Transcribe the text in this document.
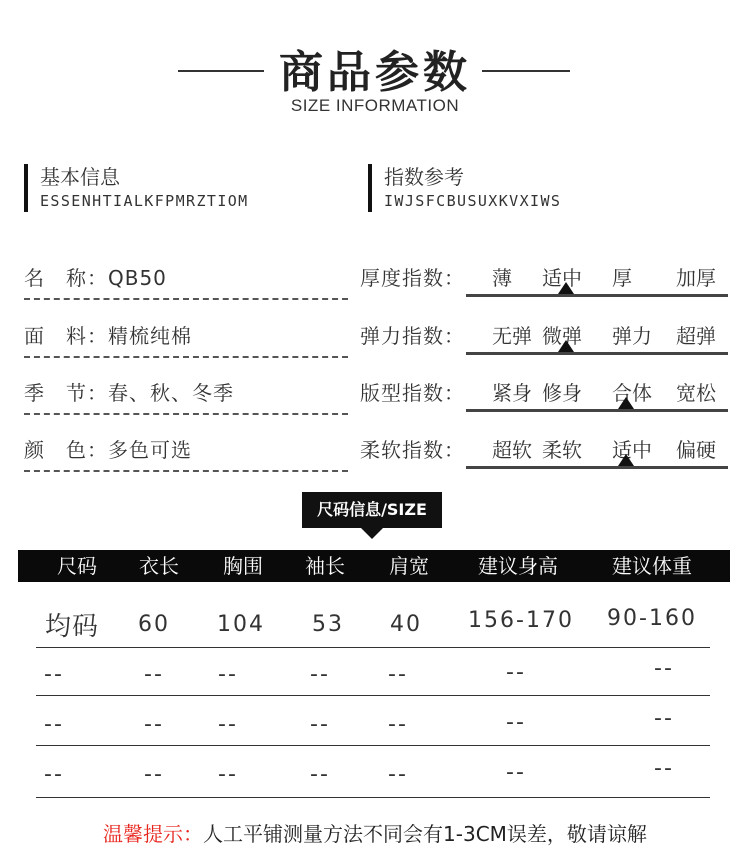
商品参数
SIZE INFORMATION
基本信息
ESSENHTIALKFPMRZTIOM
指数参考
IWJSFCBUSUXKVXIWS
名　称：QB50
面　料：精梳纯棉
季　节：春、秋、冬季
颜　色：多色可选
厚度指数： 薄 适中 厚 加厚
弹力指数： 无弹 微弹 弹力 超弹
版型指数： 紧身 修身 合体 宽松
柔软指数： 超软 柔软 适中 偏硬
尺码信息/SIZE
尺码	衣长	胸围	袖长	肩宽	建议身高	建议体重
均码	60	104	53	40	156-170	90-160
--	--	--	--	--	--	--
--	--	--	--	--	--	--
--	--	--	--	--	--	--
温馨提示：人工平铺测量方法不同会有1-3CM误差，敬请谅解
